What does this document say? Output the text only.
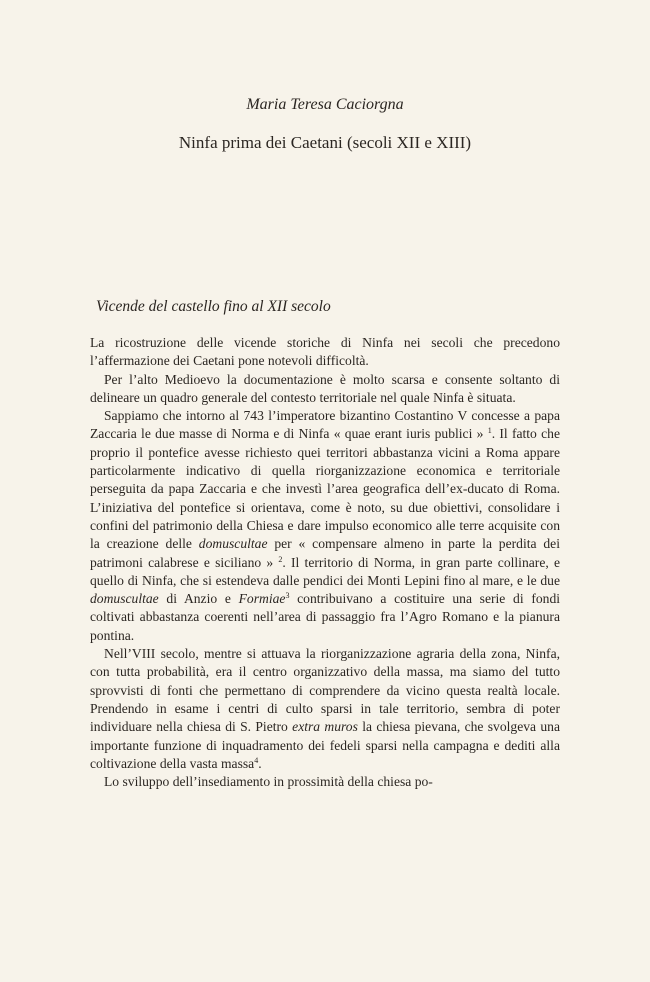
Maria Teresa Caciorgna
Ninfa prima dei Caetani (secoli XII e XIII)
Vicende del castello fino al XII secolo

La ricostruzione delle vicende storiche di Ninfa nei secoli che precedono l’affermazione dei Caetani pone notevoli difficoltà.

Per l’alto Medioevo la documentazione è molto scarsa e consente soltanto di delineare un quadro generale del contesto territoriale nel quale Ninfa è situata.

Sappiamo che intorno al 743 l’imperatore bizantino Costantino V concesse a papa Zaccaria le due masse di Norma e di Ninfa « quae erant iuris publici » $^1$. Il fatto che proprio il pontefice avesse richiesto quei territori abbastanza vicini a Roma appare particolarmente indicativo di quella riorganizzazione economica e territoriale perseguita da papa Zaccaria e che investì l’area geografica dell’ex-ducato di Roma. L’iniziativa del pontefice si orientava, come è noto, su due obiettivi, consolidare i confini del patrimonio della Chiesa e dare impulso economico alle terre acquisite con la creazione delle domuscultae per « compensare almeno in parte la perdita dei patrimoni calabrese e siciliano » $^2$. Il territorio di Norma, in gran parte collinare, e quello di Ninfa, che si estendeva dalle pendici dei Monti Lepini fino al mare, e le due domuscultae di Anzio e Formiae$^3$ contribuivano a costituire una serie di fondi coltivati abbastanza coerenti nell’area di passaggio fra l’Agro Romano e la pianura pontina.

Nell’VIII secolo, mentre si attuava la riorganizzazione agraria della zona, Ninfa, con tutta probabilità, era il centro organizzativo della massa, ma siamo del tutto sprovvisti di fonti che permettano di comprendere da vicino questa realtà locale. Prendendo in esame i centri di culto sparsi in tale territorio, sembra di poter individuare nella chiesa di S. Pietro extra muros la chiesa pievana, che svolgeva una importante funzione di inquadramento dei fedeli sparsi nella campagna e dediti alla coltivazione della vasta massa$^4$.

Lo sviluppo dell’insediamento in prossimità della chiesa po-
